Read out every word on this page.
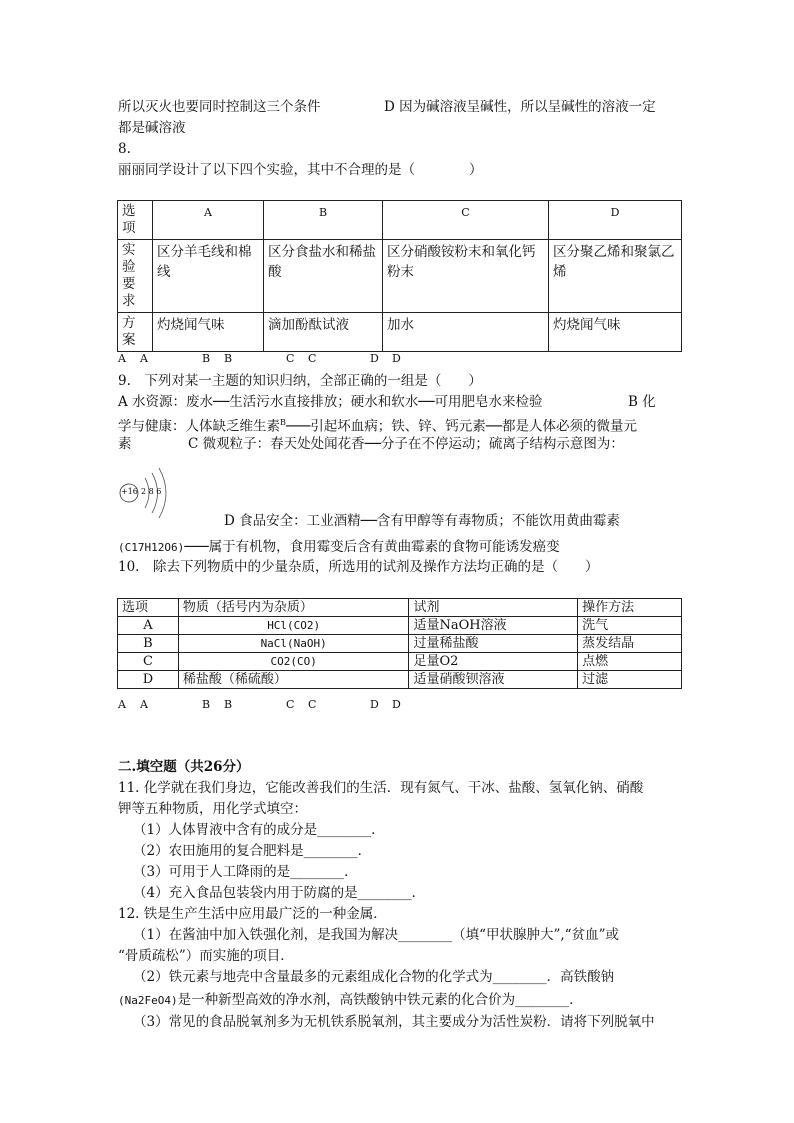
所以灭火也要同时控制这三个条件	D 因为碱溶液呈碱性，所以呈碱性的溶液一定
都是碱溶液
8.
丽丽同学设计了以下四个实验，其中不合理的是（　　　　）
选
项	A	B	C	D
实
验
要
求	区分羊毛线和棉线	区分食盐水和稀盐酸	区分硝酸铵粉末和氧化钙粉末	区分聚乙烯和聚氯乙烯
方
案	灼烧闻气味	滴加酚酞试液	加水	灼烧闻气味
A A	B B	C C	D D
9.　下列对某一主题的知识归纳，全部正确的一组是（　　）
A 水资源：废水──生活污水直接排放；硬水和软水──可用肥皂水来检验	B 化
学与健康：人体缺乏维生素$^B$───引起坏血病；铁、锌、钙元素──都是人体必须的微量元
素	C 微观粒子：春天处处闻花香──分子在不停运动；硫离子结构示意图为：
+16 2 8 6
D 食品安全：工业酒精──含有甲醇等有毒物质；不能饮用黄曲霉素
(C17H12O6)───属于有机物，食用霉变后含有黄曲霉素的食物可能诱发癌变
10.　除去下列物质中的少量杂质，所选用的试剂及操作方法均正确的是（　　）
选项	物质（括号内为杂质）	试剂	操作方法
A	HCl(CO2)	适量NaOH溶液	洗气
B	NaCl(NaOH)	过量稀盐酸	蒸发结晶
C	CO2(CO)	足量O2	点燃
D	稀盐酸（稀硫酸）	适量硝酸钡溶液	过滤
A A	B B	C C	D D
二.填空题（共26分）
11. 化学就在我们身边，它能改善我们的生活．现有氮气、干冰、盐酸、氢氧化钠、硝酸
钾等五种物质，用化学式填空：
（1）人体胃液中含有的成分是________．
（2）农田施用的复合肥料是________．
（3）可用于人工降雨的是________．
（4）充入食品包装袋内用于防腐的是________．
12. 铁是生产生活中应用最广泛的一种金属．
（1）在酱油中加入铁强化剂，是我国为解决________（填“甲状腺肿大”,“贫血”或
“骨质疏松”）而实施的项目．
（2）铁元素与地壳中含量最多的元素组成化合物的化学式为________．高铁酸钠
(Na2FeO4)是一种新型高效的净水剂，高铁酸钠中铁元素的化合价为________．
（3）常见的食品脱氧剂多为无机铁系脱氧剂，其主要成分为活性炭粉．请将下列脱氧中
